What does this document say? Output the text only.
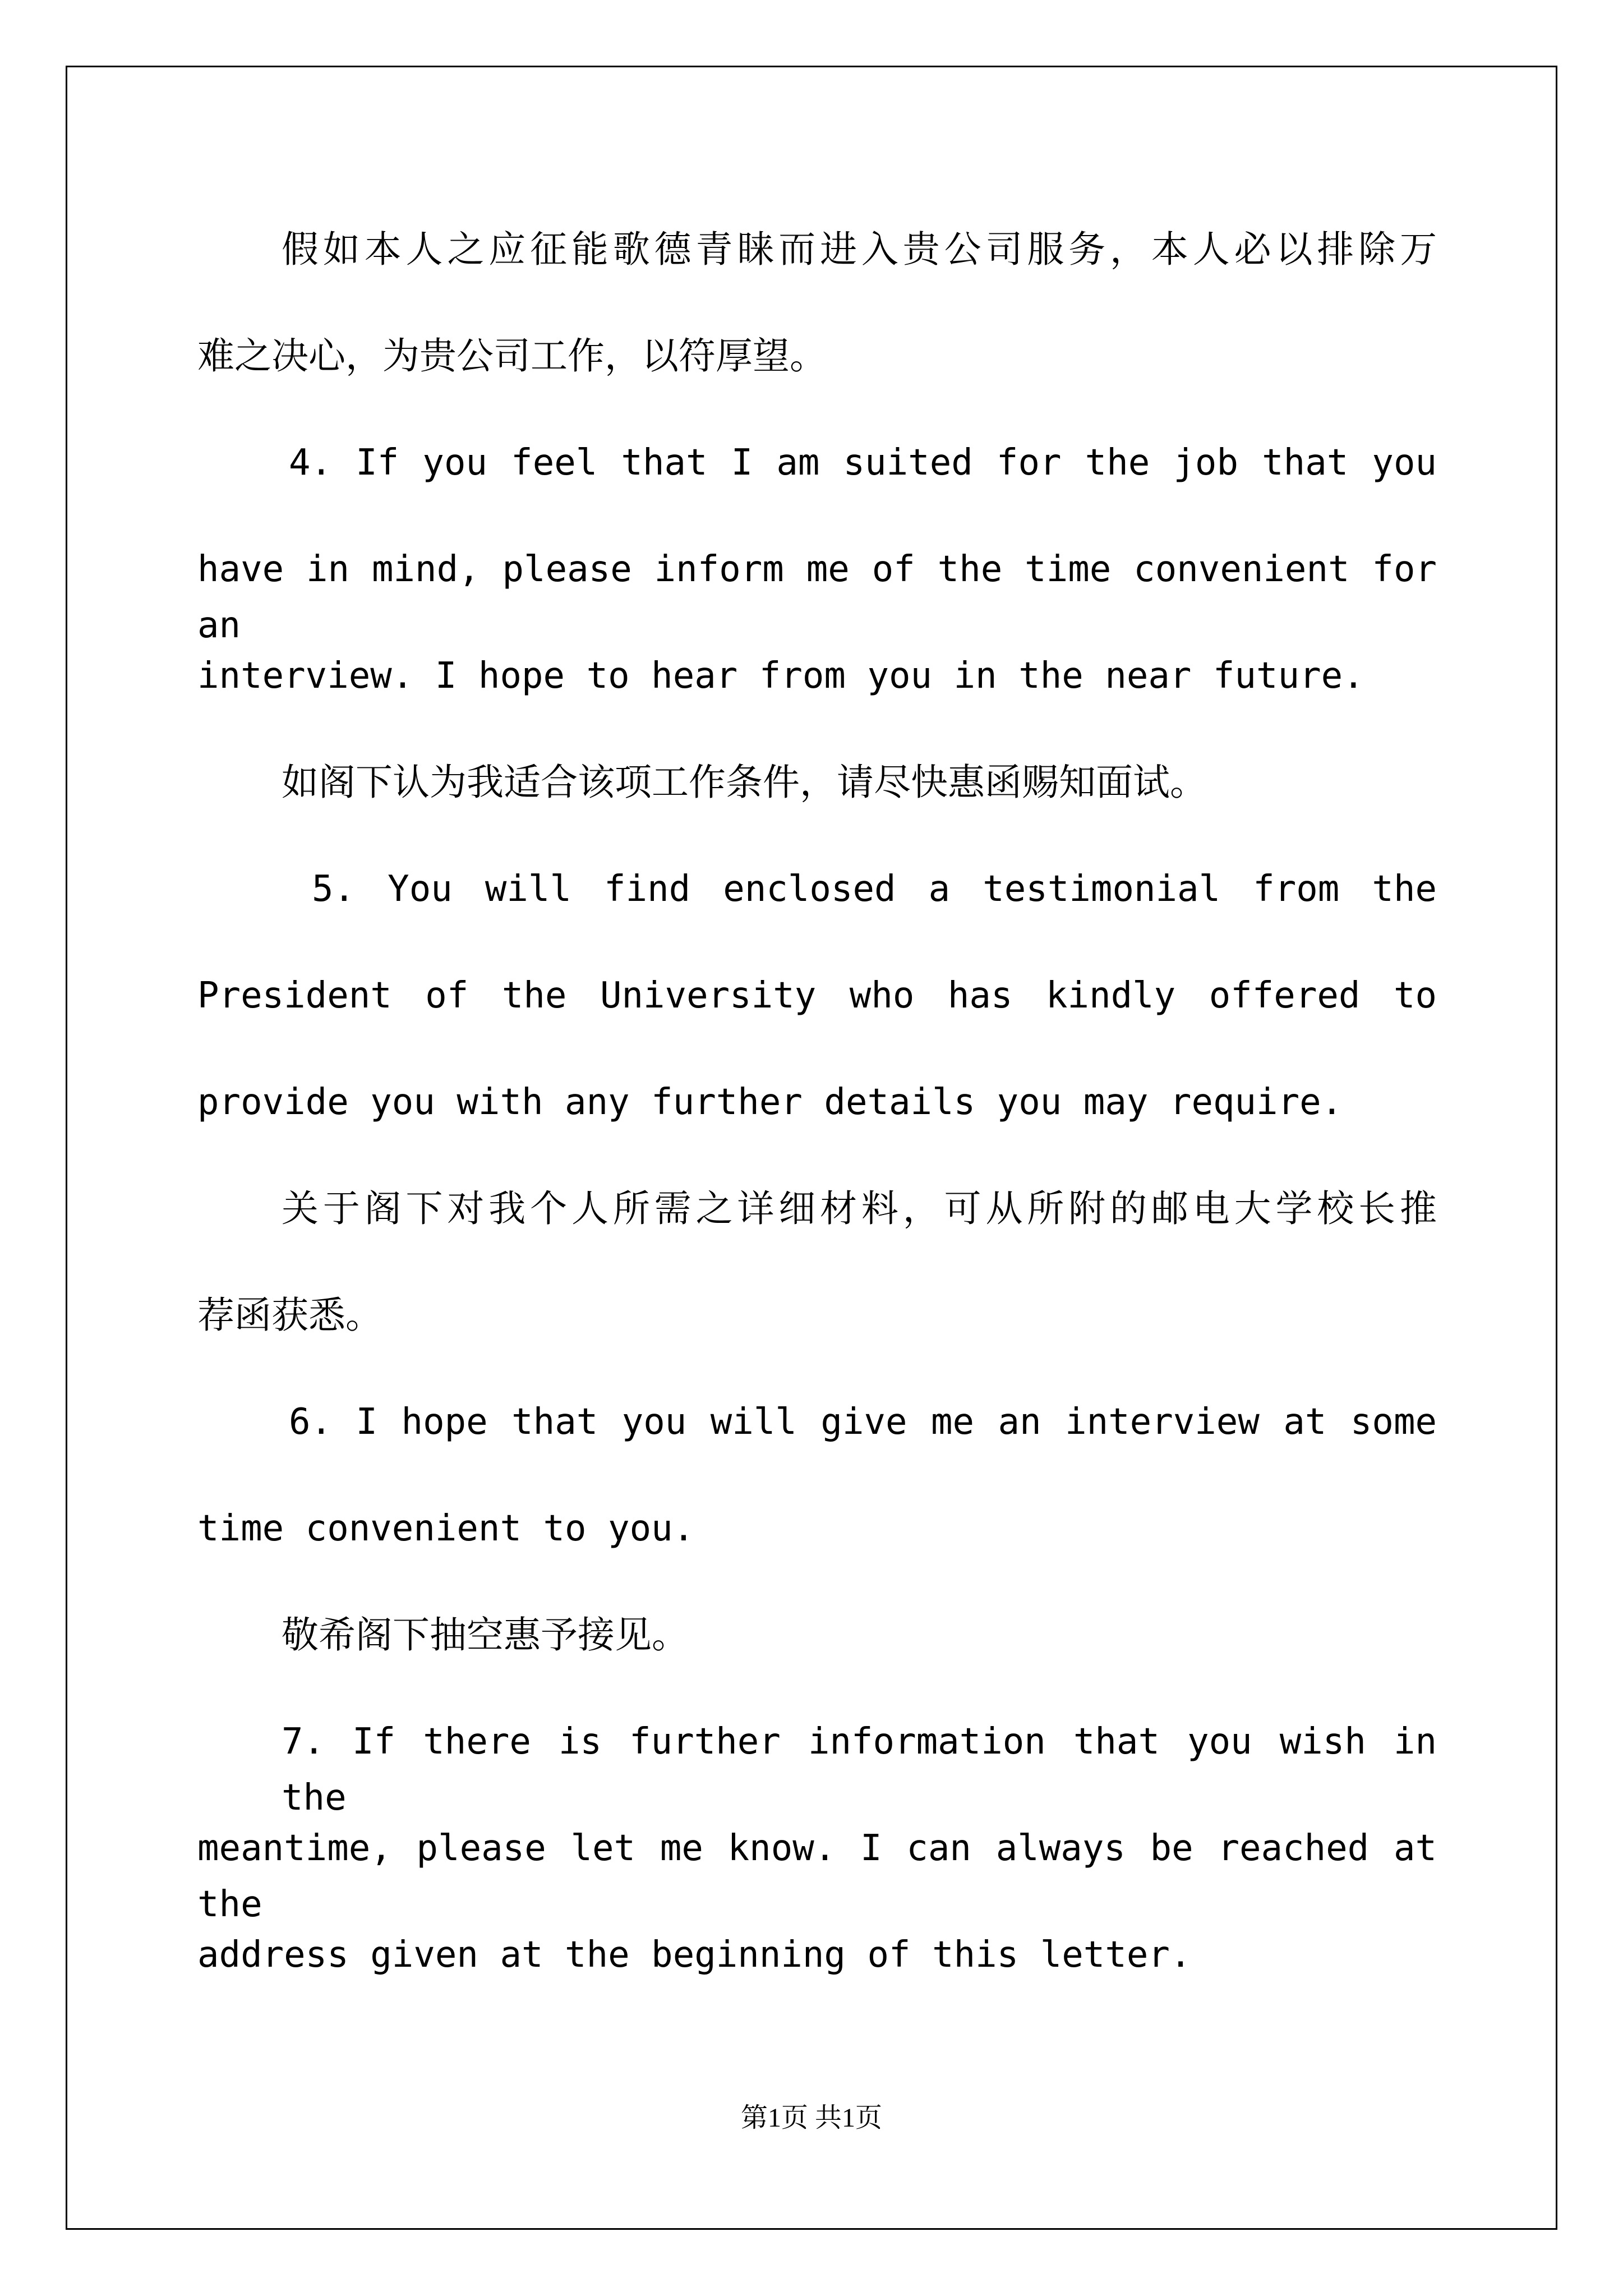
假如本人之应征能歌德青睐而进入贵公司服务，本人必以排除万

难之决心，为贵公司工作，以符厚望。

4. If you feel that I am suited for the job that you

have in mind, please inform me of the time convenient for an

interview. I hope to hear from you in the near future.

如阁下认为我适合该项工作条件，请尽快惠函赐知面试。

5. You will find enclosed a testimonial from the

President of the University who has kindly offered to

provide you with any further details you may require.

关于阁下对我个人所需之详细材料，可从所附的邮电大学校长推

荐函获悉。

6. I hope that you will give me an interview at some

time convenient to you.

敬希阁下抽空惠予接见。

7. If there is further information that you wish in the

meantime, please let me know. I can always be reached at the

address given at the beginning of this letter.

第1页 共1页
